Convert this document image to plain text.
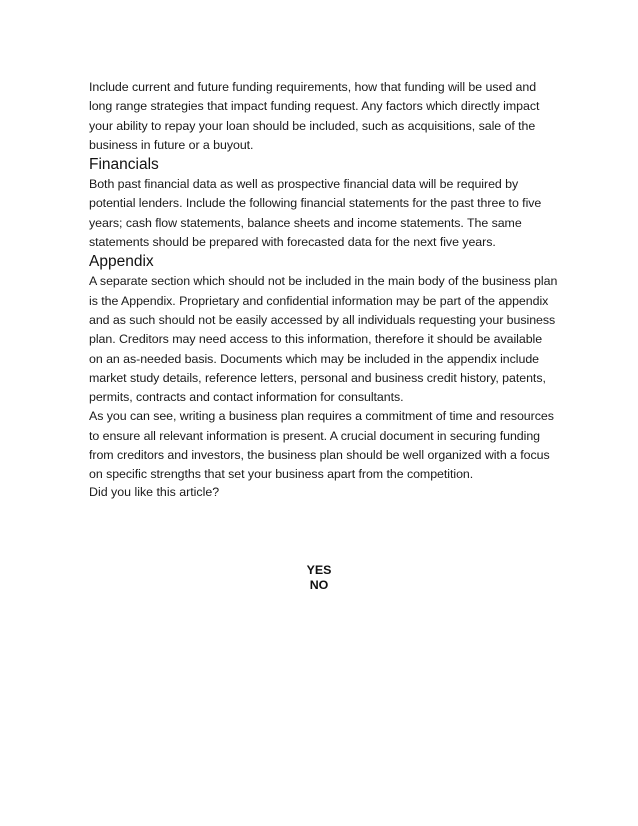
Include current and future funding requirements, how that funding will be used and long range strategies that impact funding request. Any factors which directly impact your ability to repay your loan should be included, such as acquisitions, sale of the business in future or a buyout.

Financials

Both past financial data as well as prospective financial data will be required by potential lenders. Include the following financial statements for the past three to five years; cash flow statements, balance sheets and income statements. The same statements should be prepared with forecasted data for the next five years.

Appendix

A separate section which should not be included in the main body of the business plan is the Appendix. Proprietary and confidential information may be part of the appendix and as such should not be easily accessed by all individuals requesting your business plan. Creditors may need access to this information, therefore it should be available on an as-needed basis. Documents which may be included in the appendix include market study details, reference letters, personal and business credit history, patents, permits, contracts and contact information for consultants.

As you can see, writing a business plan requires a commitment of time and resources to ensure all relevant information is present. A crucial document in securing funding from creditors and investors, the business plan should be well organized with a focus on specific strengths that set your business apart from the competition.

Did you like this article?

YES
NO
